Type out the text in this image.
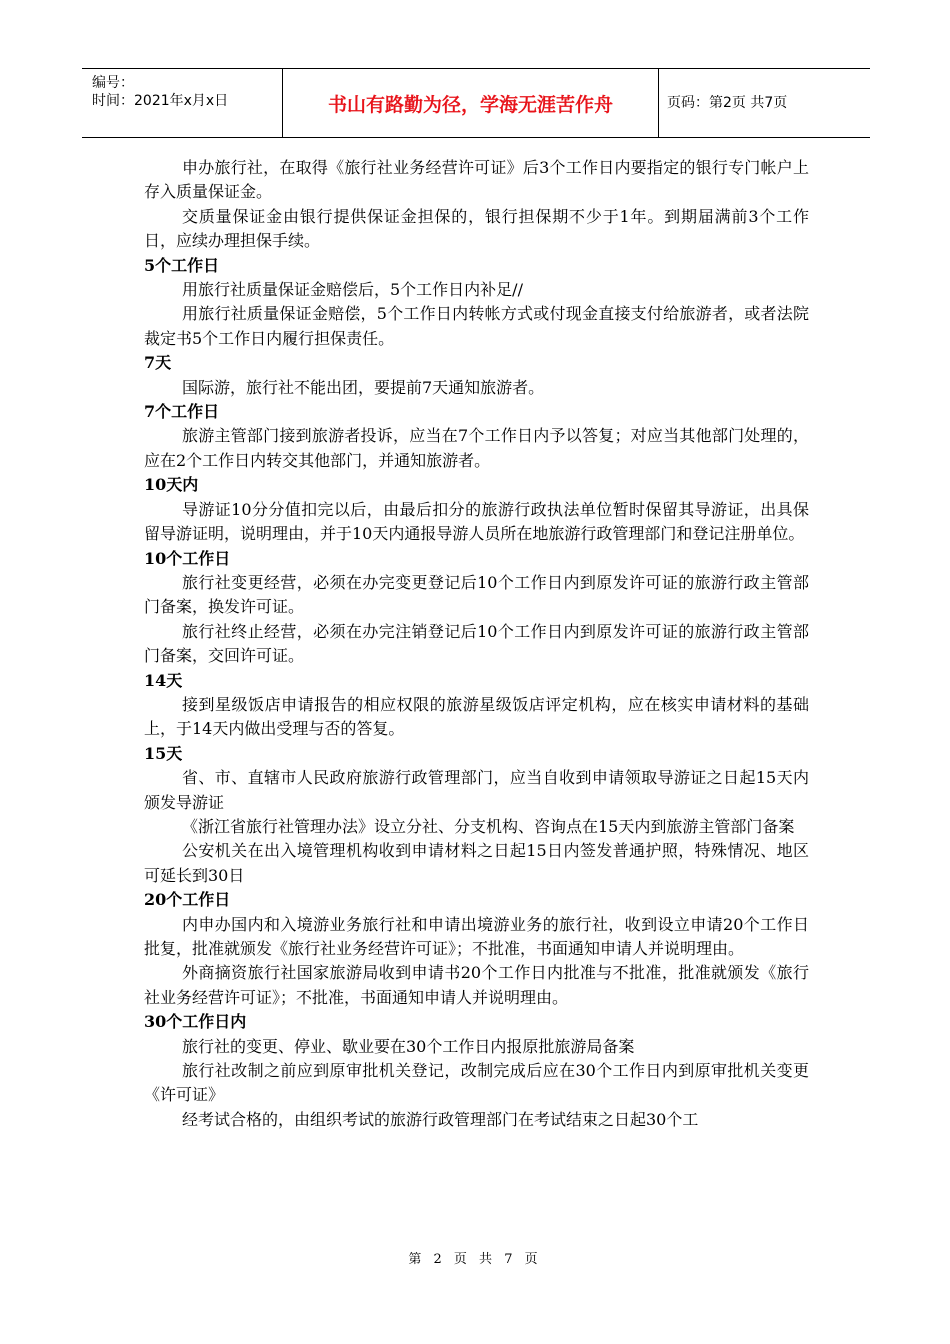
编号：
时间：2021年x月x日	书山有路勤为径，学海无涯苦作舟	页码：第2页 共7页

申办旅行社，在取得《旅行社业务经营许可证》后3个工作日内要指定的银行专门帐户上存入质量保证金。

交质量保证金由银行提供保证金担保的，银行担保期不少于1年。到期届满前3个工作日，应续办理担保手续。

5个工作日

用旅行社质量保证金赔偿后，5个工作日内补足//

用旅行社质量保证金赔偿，5个工作日内转帐方式或付现金直接支付给旅游者，或者法院裁定书5个工作日内履行担保责任。

7天

国际游，旅行社不能出团，要提前7天通知旅游者。

7个工作日

旅游主管部门接到旅游者投诉，应当在7个工作日内予以答复；对应当其他部门处理的，应在2个工作日内转交其他部门，并通知旅游者。

10天内

导游证10分分值扣完以后，由最后扣分的旅游行政执法单位暂时保留其导游证，出具保留导游证明，说明理由，并于10天内通报导游人员所在地旅游行政管理部门和登记注册单位。

10个工作日

旅行社变更经营，必须在办完变更登记后10个工作日内到原发许可证的旅游行政主管部门备案，换发许可证。

旅行社终止经营，必须在办完注销登记后10个工作日内到原发许可证的旅游行政主管部门备案，交回许可证。

14天

接到星级饭店申请报告的相应权限的旅游星级饭店评定机构，应在核实申请材料的基础上，于14天内做出受理与否的答复。

15天

省、市、直辖市人民政府旅游行政管理部门，应当自收到申请领取导游证之日起15天内颁发导游证

《浙江省旅行社管理办法》设立分社、分支机构、咨询点在15天内到旅游主管部门备案

公安机关在出入境管理机构收到申请材料之日起15日内签发普通护照，特殊情况、地区可延长到30日

20个工作日

内申办国内和入境游业务旅行社和申请出境游业务的旅行社，收到设立申请20个工作日批复，批准就颁发《旅行社业务经营许可证》；不批准，书面通知申请人并说明理由。

外商摘资旅行社国家旅游局收到申请书20个工作日内批准与不批准，批准就颁发《旅行社业务经营许可证》；不批准，书面通知申请人并说明理由。

30个工作日内

旅行社的变更、停业、歇业要在30个工作日内报原批旅游局备案

旅行社改制之前应到原审批机关登记，改制完成后应在30个工作日内到原审批机关变更《许可证》

经考试合格的，由组织考试的旅游行政管理部门在考试结束之日起30个工

第 2 页 共 7 页
